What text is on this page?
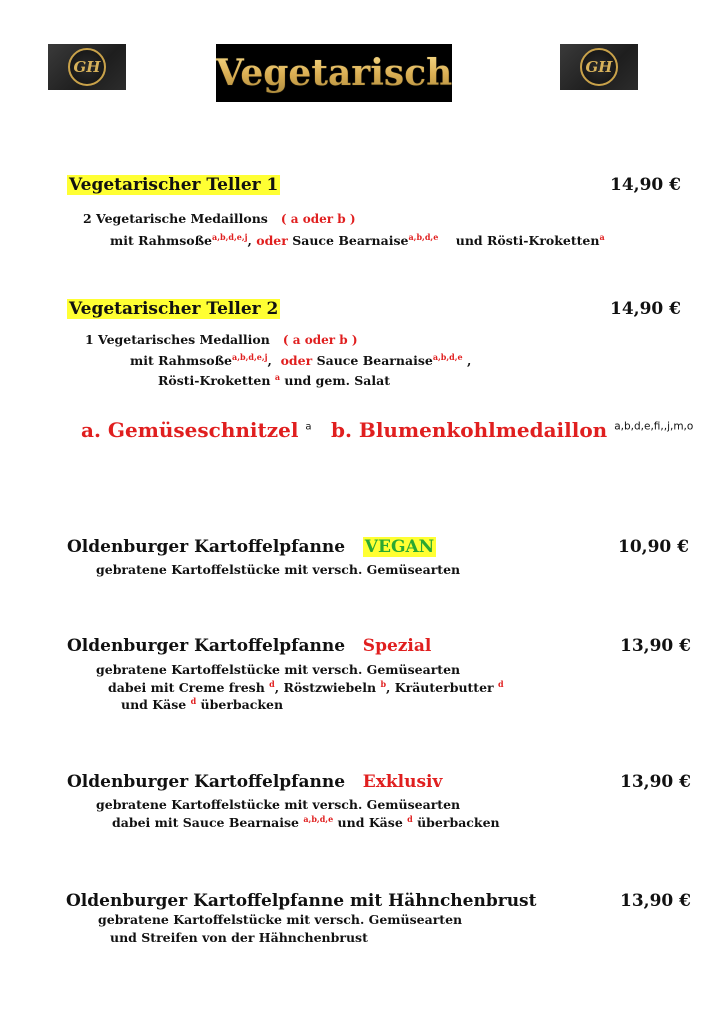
GH	Vegetarisch	GH
Vegetarischer Teller 1	14,90 €
2 Vegetarische Medaillons ( a oder b )
mit Rahmsoße$^{a,b,d,e,j}$, oder Sauce Bearnaise$^{a,b,d,e}$ und Rösti-Kroketten$^a$
Vegetarischer Teller 2	14,90 €
1 Vegetarisches Medallion ( a oder b )
mit Rahmsoße$^{a,b,d,e,j}$,  oder Sauce Bearnaise$^{a,b,d,e}$ ,
Rösti-Kroketten $^a$ und gem. Salat
a. Gemüseschnitzel $^a$ b. Blumenkohlmedaillon $^{a,b,d,e,fi,,j,m,o}$
Oldenburger Kartoffelpfanne VEGAN	10,90 €
gebratene Kartoffelstücke mit versch. Gemüsearten
Oldenburger Kartoffelpfanne Spezial	13,90 €
gebratene Kartoffelstücke mit versch. Gemüsearten
dabei mit Creme fresh $^d$, Röstzwiebeln $^b$, Kräuterbutter $^d$
und Käse $^d$ überbacken
Oldenburger Kartoffelpfanne Exklusiv	13,90 €
gebratene Kartoffelstücke mit versch. Gemüsearten
dabei mit Sauce Bearnaise $^{a,b,d,e}$ und Käse $^d$ überbacken
Oldenburger Kartoffelpfanne mit Hähnchenbrust	13,90 €
gebratene Kartoffelstücke mit versch. Gemüsearten
und Streifen von der Hähnchenbrust
